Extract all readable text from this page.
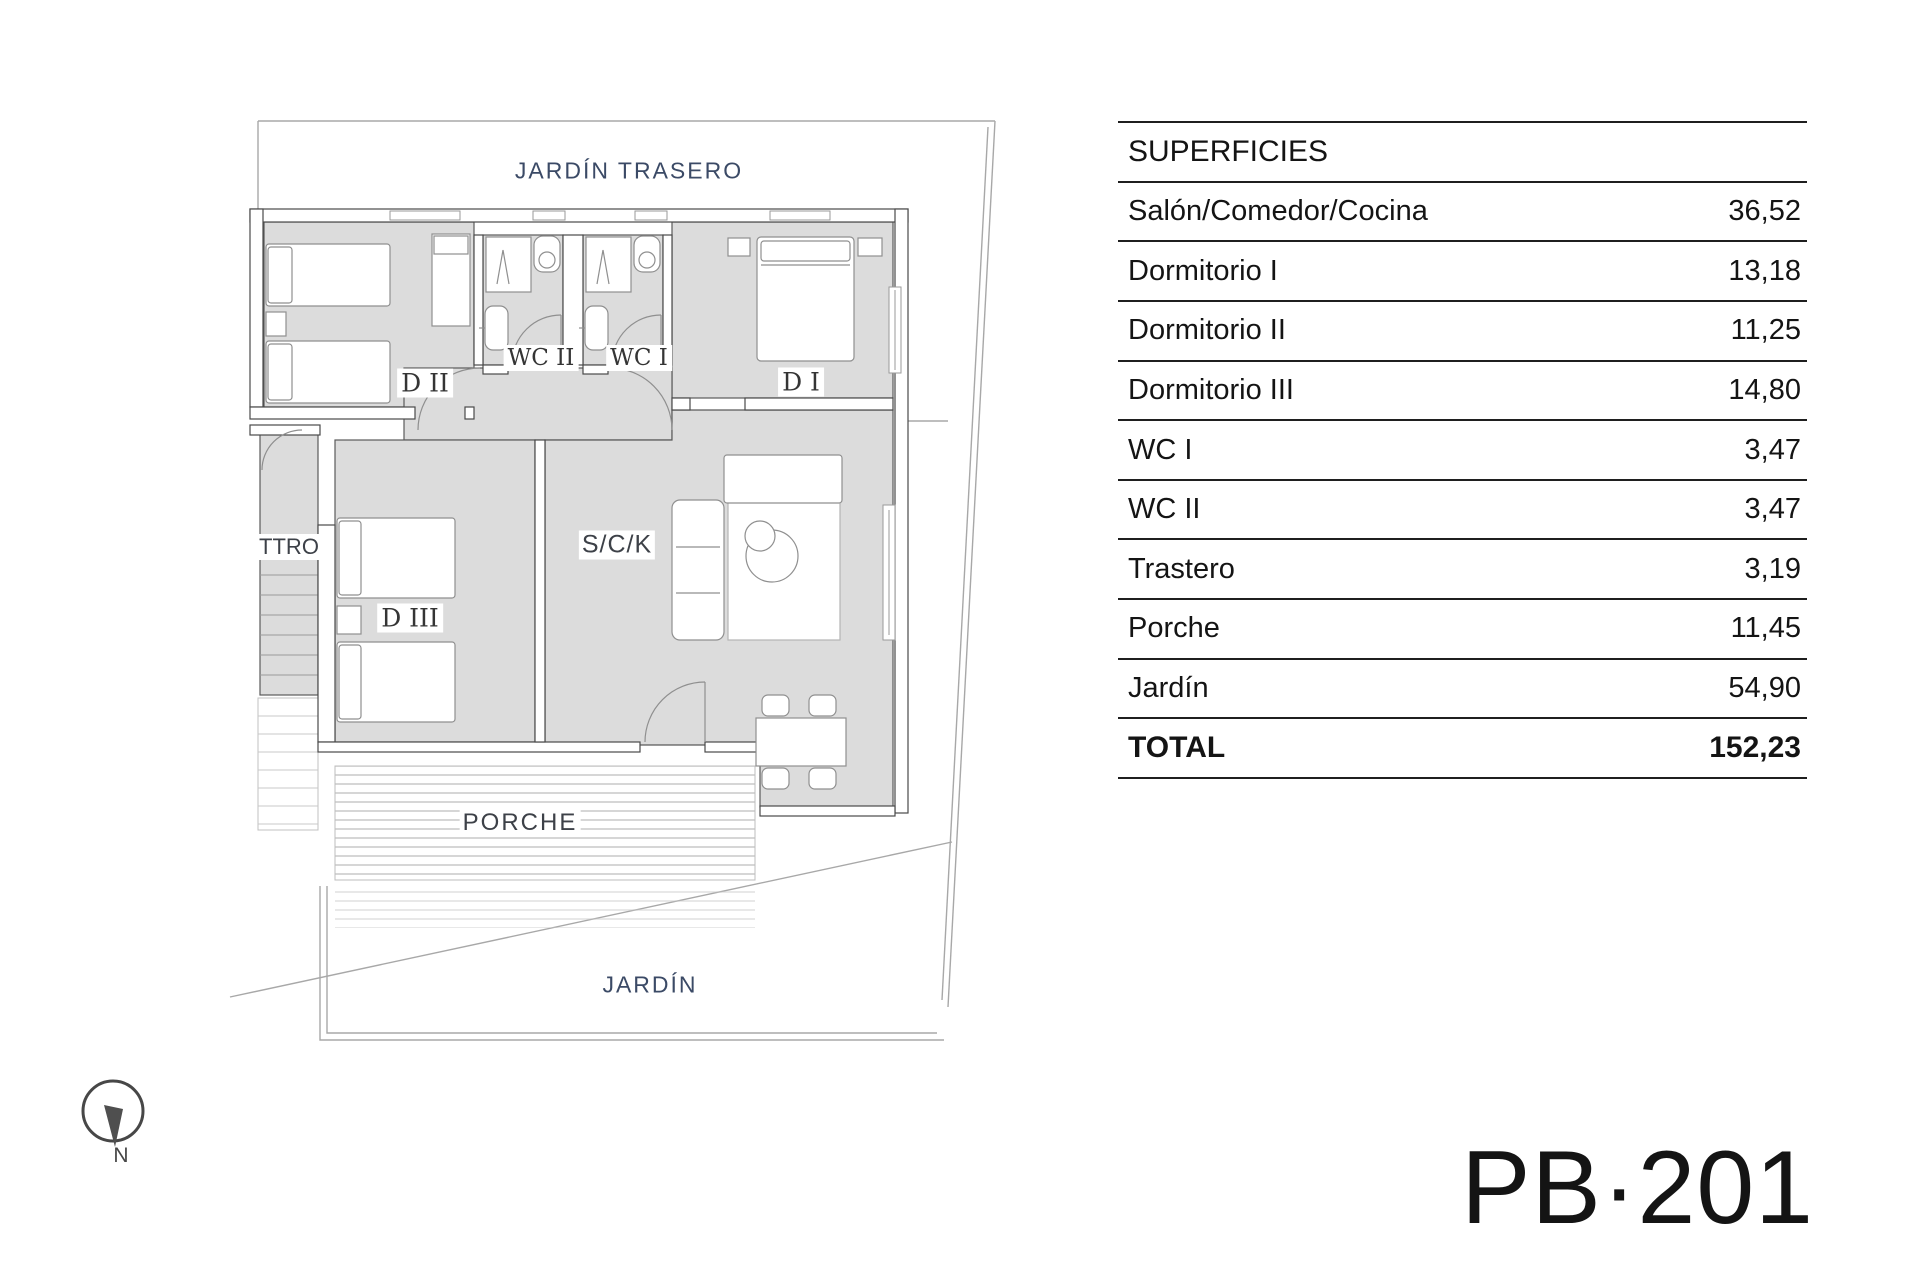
JARDÍN TRASERO
D II
WC II WC I
D I
TTRO
D III
S/C/K
PORCHE
JARDÍN
N
SUPERFICIES
Salón/Comedor/Cocina	36,52
Dormitorio I	13,18
Dormitorio II	11,25
Dormitorio III	14,80
WC I	3,47
WC II	3,47
Trastero	3,19
Porche	11,45
Jardín	54,90
TOTAL	152,23
PB·201
